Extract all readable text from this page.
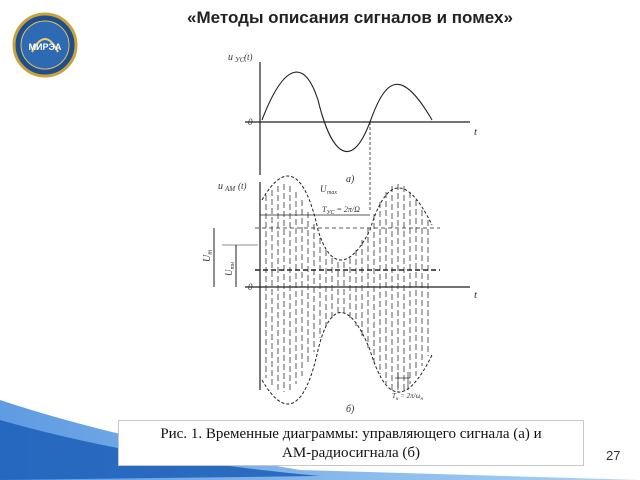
«Методы описания сигналов и помех»
МИРЭА
u УС (t)
0
t
а)
u АМ (t)
0
t
U max
$T_{УС} = 2\pi/\Omega$
$T_н = 2\pi/\omega_н$
$U_m$
$U_{mн}$
б)
Рис. 1. Временные диаграммы: управляющего сигнала (а) и
АМ-радиосигнала (б)	27
